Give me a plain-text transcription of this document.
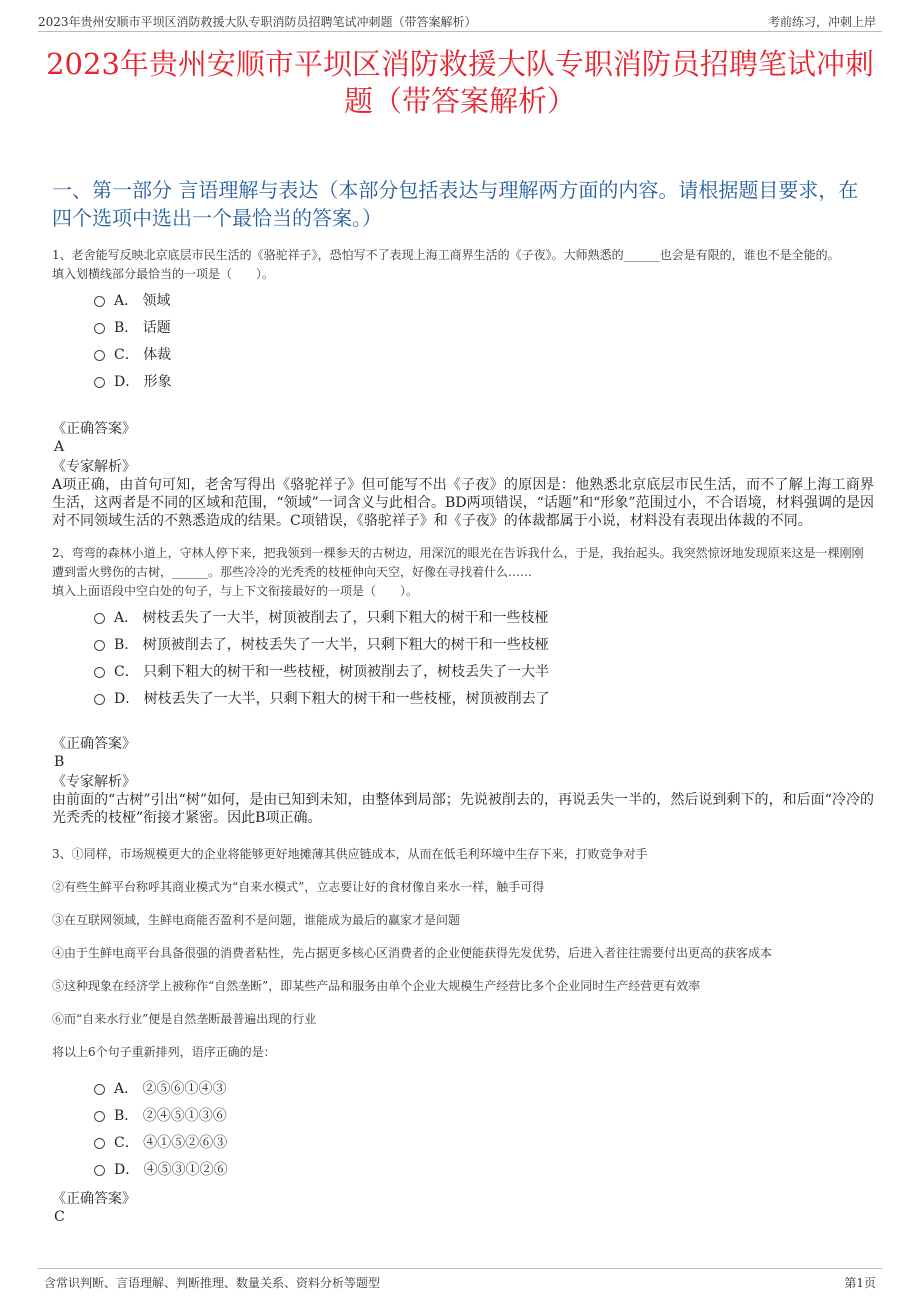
2023年贵州安顺市平坝区消防救援大队专职消防员招聘笔试冲刺题（带答案解析）	考前练习，冲刺上岸
2023年贵州安顺市平坝区消防救援大队专职消防员招聘笔试冲刺题（带答案解析）
一、第一部分 言语理解与表达（本部分包括表达与理解两方面的内容。请根据题目要求，在四个选项中选出一个最恰当的答案。）
1、老舍能写反映北京底层市民生活的《骆驼祥子》，恐怕写不了表现上海工商界生活的《子夜》。大师熟悉的______也会是有限的，谁也不是全能的。
填入划横线部分最恰当的一项是（　　）。
A． 领域
B． 话题
C． 体裁
D． 形象
《正确答案》
A
《专家解析》
A项正确，由首句可知，老舍写得出《骆驼祥子》但可能写不出《子夜》的原因是：他熟悉北京底层市民生活，而不了解上海工商界生活，这两者是不同的区域和范围，“领域”一词含义与此相合。BD两项错误，“话题”和“形象”范围过小，不合语境，材料强调的是因对不同领域生活的不熟悉造成的结果。C项错误，《骆驼祥子》和《子夜》的体裁都属于小说，材料没有表现出体裁的不同。
2、弯弯的森林小道上，守林人停下来，把我领到一棵参天的古树边，用深沉的眼光在告诉我什么，于是，我抬起头。我突然惊讶地发现原来这是一棵刚刚遭到雷火劈伤的古树，______。那些冷冷的光秃秃的枝桠伸向天空，好像在寻找着什么……
填入上面语段中空白处的句子，与上下文衔接最好的一项是（　　）。
A． 树枝丢失了一大半，树顶被削去了，只剩下粗大的树干和一些枝桠
B． 树顶被削去了，树枝丢失了一大半，只剩下粗大的树干和一些枝桠
C． 只剩下粗大的树干和一些枝桠，树顶被削去了，树枝丢失了一大半
D． 树枝丢失了一大半，只剩下粗大的树干和一些枝桠，树顶被削去了
《正确答案》
B
《专家解析》
由前面的“古树”引出“树”如何，是由已知到未知，由整体到局部；先说被削去的，再说丢失一半的，然后说到剩下的，和后面“冷冷的光秃秃的枝桠”衔接才紧密。因此B项正确。
3、①同样，市场规模更大的企业将能够更好地摊薄其供应链成本，从而在低毛利环境中生存下来，打败竞争对手
②有些生鲜平台称呼其商业模式为“自来水模式”，立志要让好的食材像自来水一样，触手可得
③在互联网领域，生鲜电商能否盈利不是问题，谁能成为最后的赢家才是问题
④由于生鲜电商平台具备很强的消费者粘性，先占据更多核心区消费者的企业便能获得先发优势，后进入者往往需要付出更高的获客成本
⑤这种现象在经济学上被称作“自然垄断”，即某些产品和服务由单个企业大规模生产经营比多个企业同时生产经营更有效率
⑥而“自来水行业”便是自然垄断最普遍出现的行业
将以上6个句子重新排列，语序正确的是：
A． ②⑤⑥①④③
B． ②④⑤①③⑥
C． ④①⑤②⑥③
D． ④⑤③①②⑥
《正确答案》
C
含常识判断、言语理解、判断推理、数量关系、资料分析等题型	第1页
